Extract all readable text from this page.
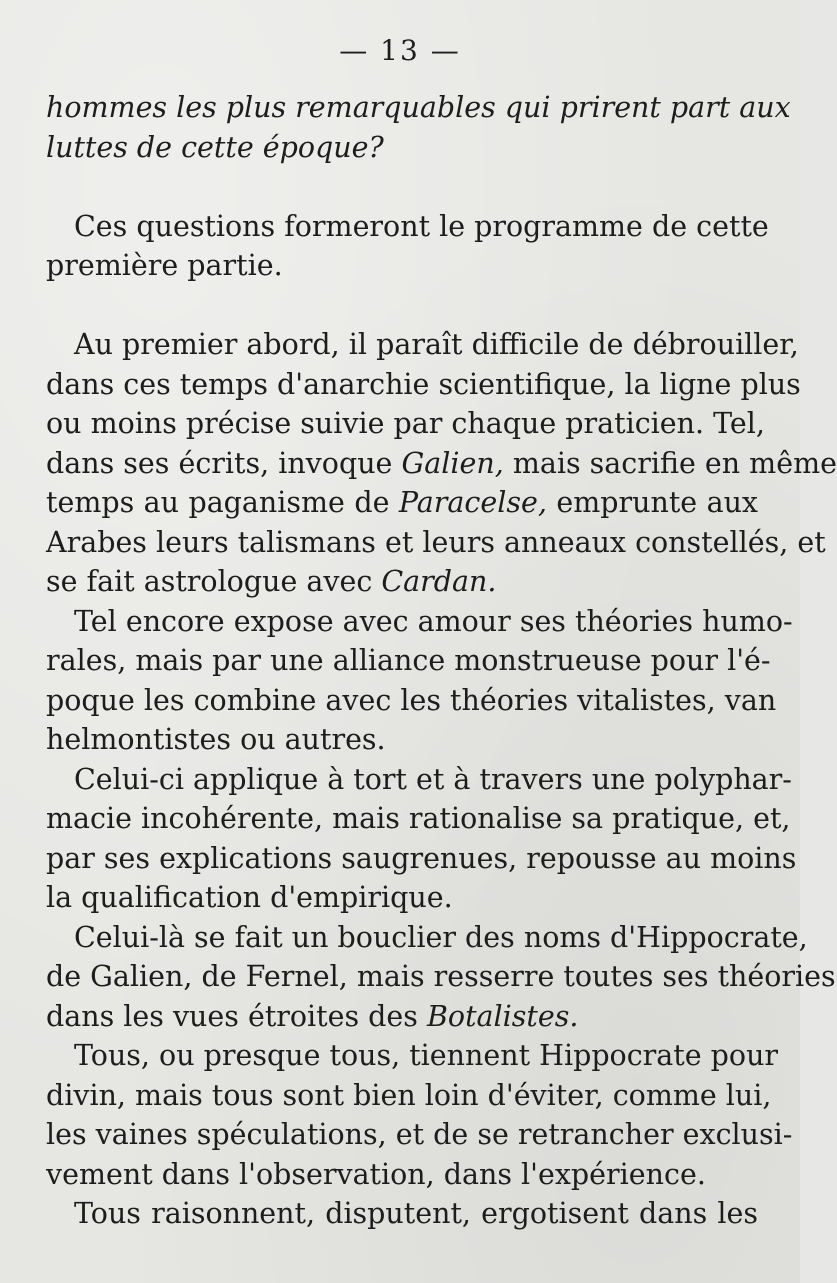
— 13 —
hommes les plus remarquables qui prirent part aux
luttes de cette époque?
Ces questions formeront le programme de cette
première partie.
Au premier abord, il paraît difficile de débrouiller,
dans ces temps d'anarchie scientifique, la ligne plus
ou moins précise suivie par chaque praticien. Tel,
dans ses écrits, invoque Galien, mais sacrifie en même
temps au paganisme de Paracelse, emprunte aux
Arabes leurs talismans et leurs anneaux constellés, et
se fait astrologue avec Cardan.
Tel encore expose avec amour ses théories humo-
rales, mais par une alliance monstrueuse pour l'é-
poque les combine avec les théories vitalistes, van
helmontistes ou autres.
Celui-ci applique à tort et à travers une polyphar-
macie incohérente, mais rationalise sa pratique, et,
par ses explications saugrenues, repousse au moins
la qualification d'empirique.
Celui-là se fait un bouclier des noms d'Hippocrate,
de Galien, de Fernel, mais resserre toutes ses théories
dans les vues étroites des Botalistes.
Tous, ou presque tous, tiennent Hippocrate pour
divin, mais tous sont bien loin d'éviter, comme lui,
les vaines spéculations, et de se retrancher exclusi-
vement dans l'observation, dans l'expérience.
Tous raisonnent, disputent, ergotisent dans les
